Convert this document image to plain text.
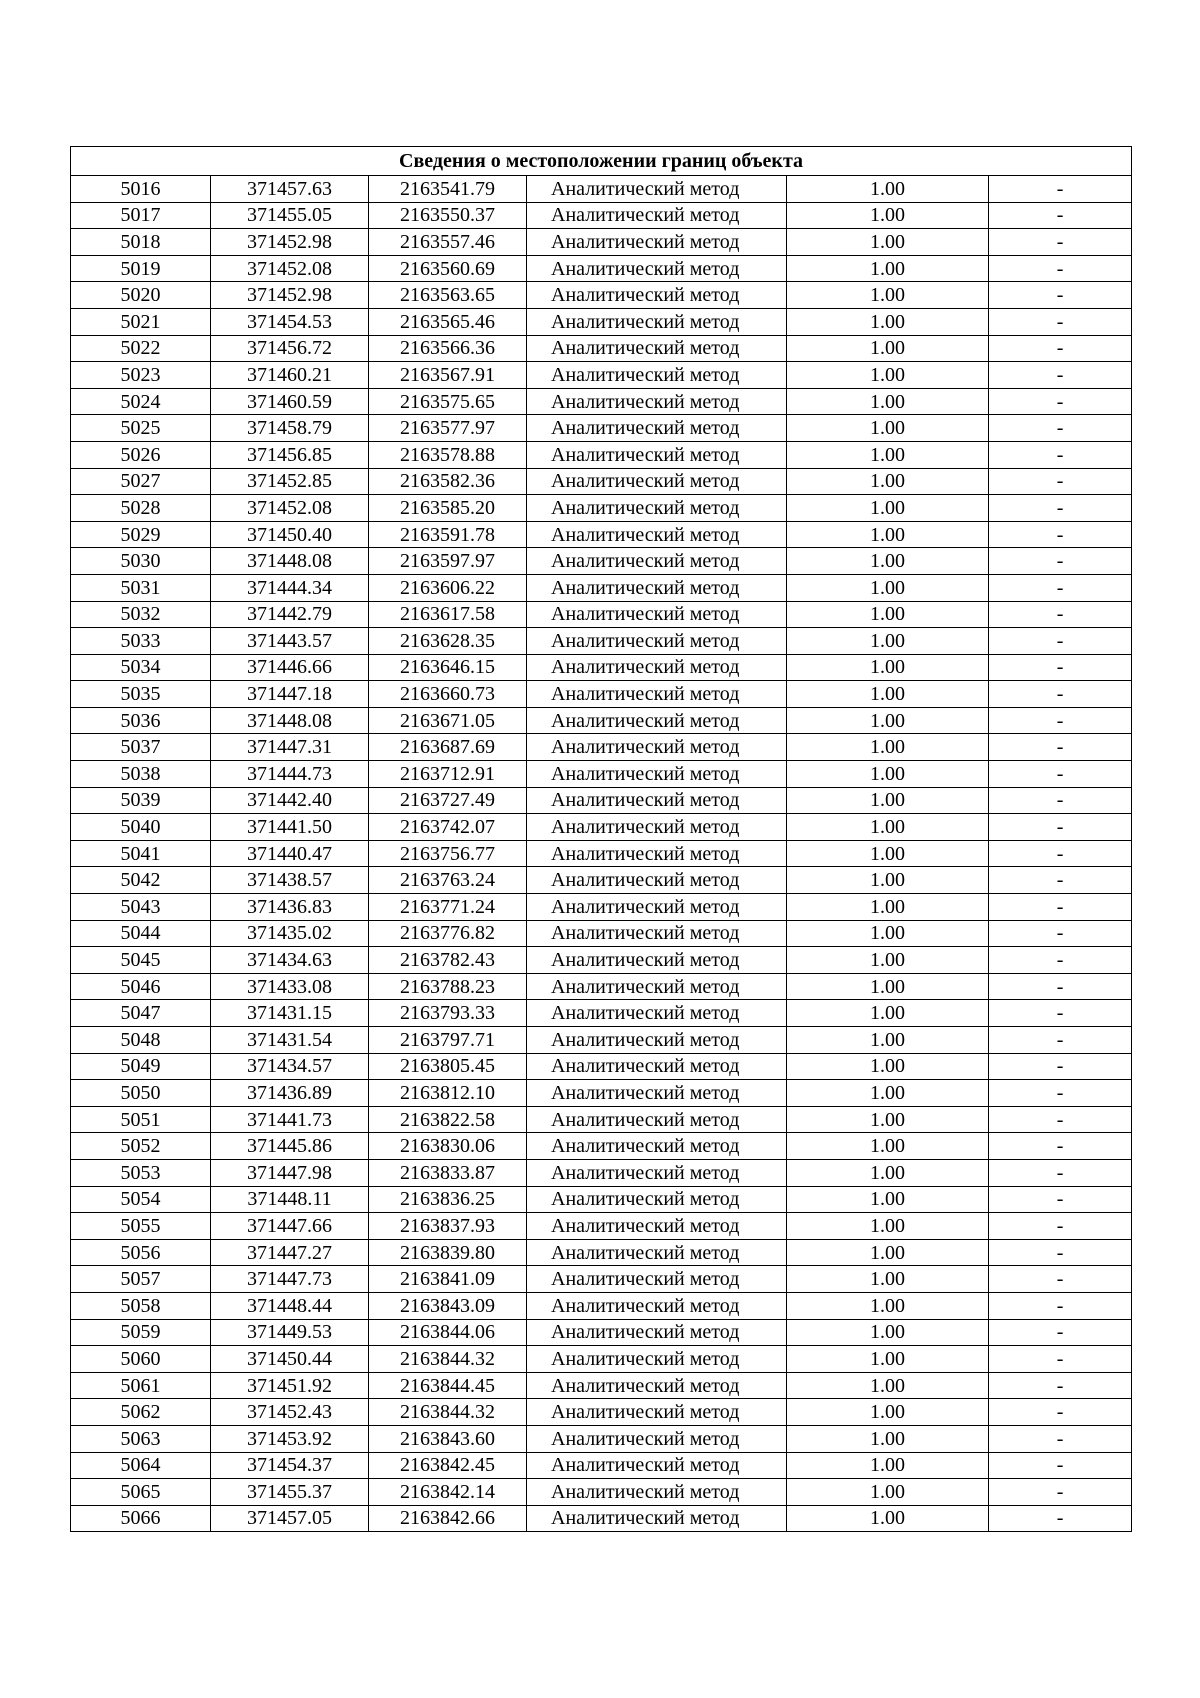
Сведения о местоположении границ объекта					
5016	371457.63	2163541.79	Аналитический метод	1.00	-
5017	371455.05	2163550.37	Аналитический метод	1.00	-
5018	371452.98	2163557.46	Аналитический метод	1.00	-
5019	371452.08	2163560.69	Аналитический метод	1.00	-
5020	371452.98	2163563.65	Аналитический метод	1.00	-
5021	371454.53	2163565.46	Аналитический метод	1.00	-
5022	371456.72	2163566.36	Аналитический метод	1.00	-
5023	371460.21	2163567.91	Аналитический метод	1.00	-
5024	371460.59	2163575.65	Аналитический метод	1.00	-
5025	371458.79	2163577.97	Аналитический метод	1.00	-
5026	371456.85	2163578.88	Аналитический метод	1.00	-
5027	371452.85	2163582.36	Аналитический метод	1.00	-
5028	371452.08	2163585.20	Аналитический метод	1.00	-
5029	371450.40	2163591.78	Аналитический метод	1.00	-
5030	371448.08	2163597.97	Аналитический метод	1.00	-
5031	371444.34	2163606.22	Аналитический метод	1.00	-
5032	371442.79	2163617.58	Аналитический метод	1.00	-
5033	371443.57	2163628.35	Аналитический метод	1.00	-
5034	371446.66	2163646.15	Аналитический метод	1.00	-
5035	371447.18	2163660.73	Аналитический метод	1.00	-
5036	371448.08	2163671.05	Аналитический метод	1.00	-
5037	371447.31	2163687.69	Аналитический метод	1.00	-
5038	371444.73	2163712.91	Аналитический метод	1.00	-
5039	371442.40	2163727.49	Аналитический метод	1.00	-
5040	371441.50	2163742.07	Аналитический метод	1.00	-
5041	371440.47	2163756.77	Аналитический метод	1.00	-
5042	371438.57	2163763.24	Аналитический метод	1.00	-
5043	371436.83	2163771.24	Аналитический метод	1.00	-
5044	371435.02	2163776.82	Аналитический метод	1.00	-
5045	371434.63	2163782.43	Аналитический метод	1.00	-
5046	371433.08	2163788.23	Аналитический метод	1.00	-
5047	371431.15	2163793.33	Аналитический метод	1.00	-
5048	371431.54	2163797.71	Аналитический метод	1.00	-
5049	371434.57	2163805.45	Аналитический метод	1.00	-
5050	371436.89	2163812.10	Аналитический метод	1.00	-
5051	371441.73	2163822.58	Аналитический метод	1.00	-
5052	371445.86	2163830.06	Аналитический метод	1.00	-
5053	371447.98	2163833.87	Аналитический метод	1.00	-
5054	371448.11	2163836.25	Аналитический метод	1.00	-
5055	371447.66	2163837.93	Аналитический метод	1.00	-
5056	371447.27	2163839.80	Аналитический метод	1.00	-
5057	371447.73	2163841.09	Аналитический метод	1.00	-
5058	371448.44	2163843.09	Аналитический метод	1.00	-
5059	371449.53	2163844.06	Аналитический метод	1.00	-
5060	371450.44	2163844.32	Аналитический метод	1.00	-
5061	371451.92	2163844.45	Аналитический метод	1.00	-
5062	371452.43	2163844.32	Аналитический метод	1.00	-
5063	371453.92	2163843.60	Аналитический метод	1.00	-
5064	371454.37	2163842.45	Аналитический метод	1.00	-
5065	371455.37	2163842.14	Аналитический метод	1.00	-
5066	371457.05	2163842.66	Аналитический метод	1.00	-
